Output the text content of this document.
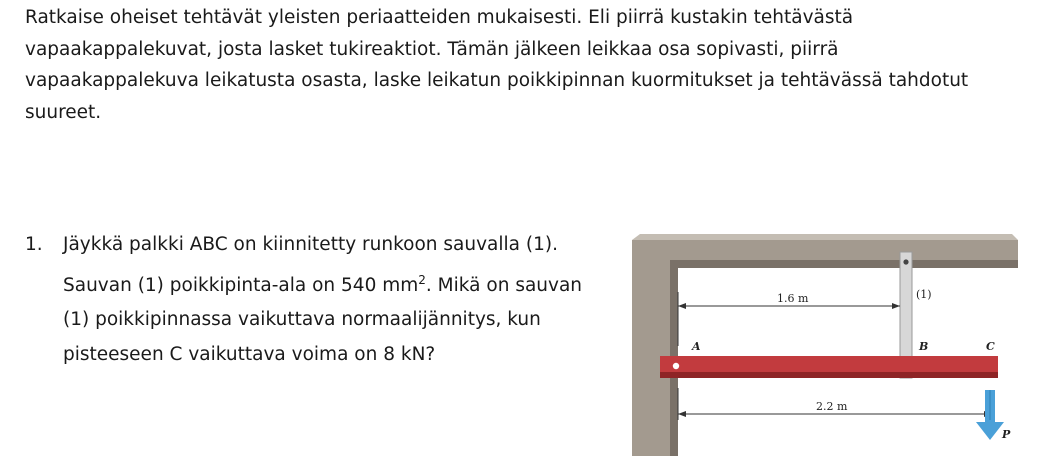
Ratkaise oheiset tehtävät yleisten periaatteiden mukaisesti. Eli piirrä kustakin tehtävästä
vapaakappalekuvat, josta lasket tukireaktiot. Tämän jälkeen leikkaa osa sopivasti, piirrä
vapaakappalekuva leikatusta osasta, laske leikatun poikkipinnan kuormitukset ja tehtävässä tahdotut
suureet.
1. Jäykkä palkki ABC on kiinnitetty runkoon sauvalla (1).
Sauvan (1) poikkipinta-ala on 540 $mm^2$. Mikä on sauvan
(1) poikkipinnassa vaikuttava normaalijännitys, kun
pisteeseen C vaikuttava voima on 8 kN?	A	B	C
P
(1)
1.6 m
2.2 m
